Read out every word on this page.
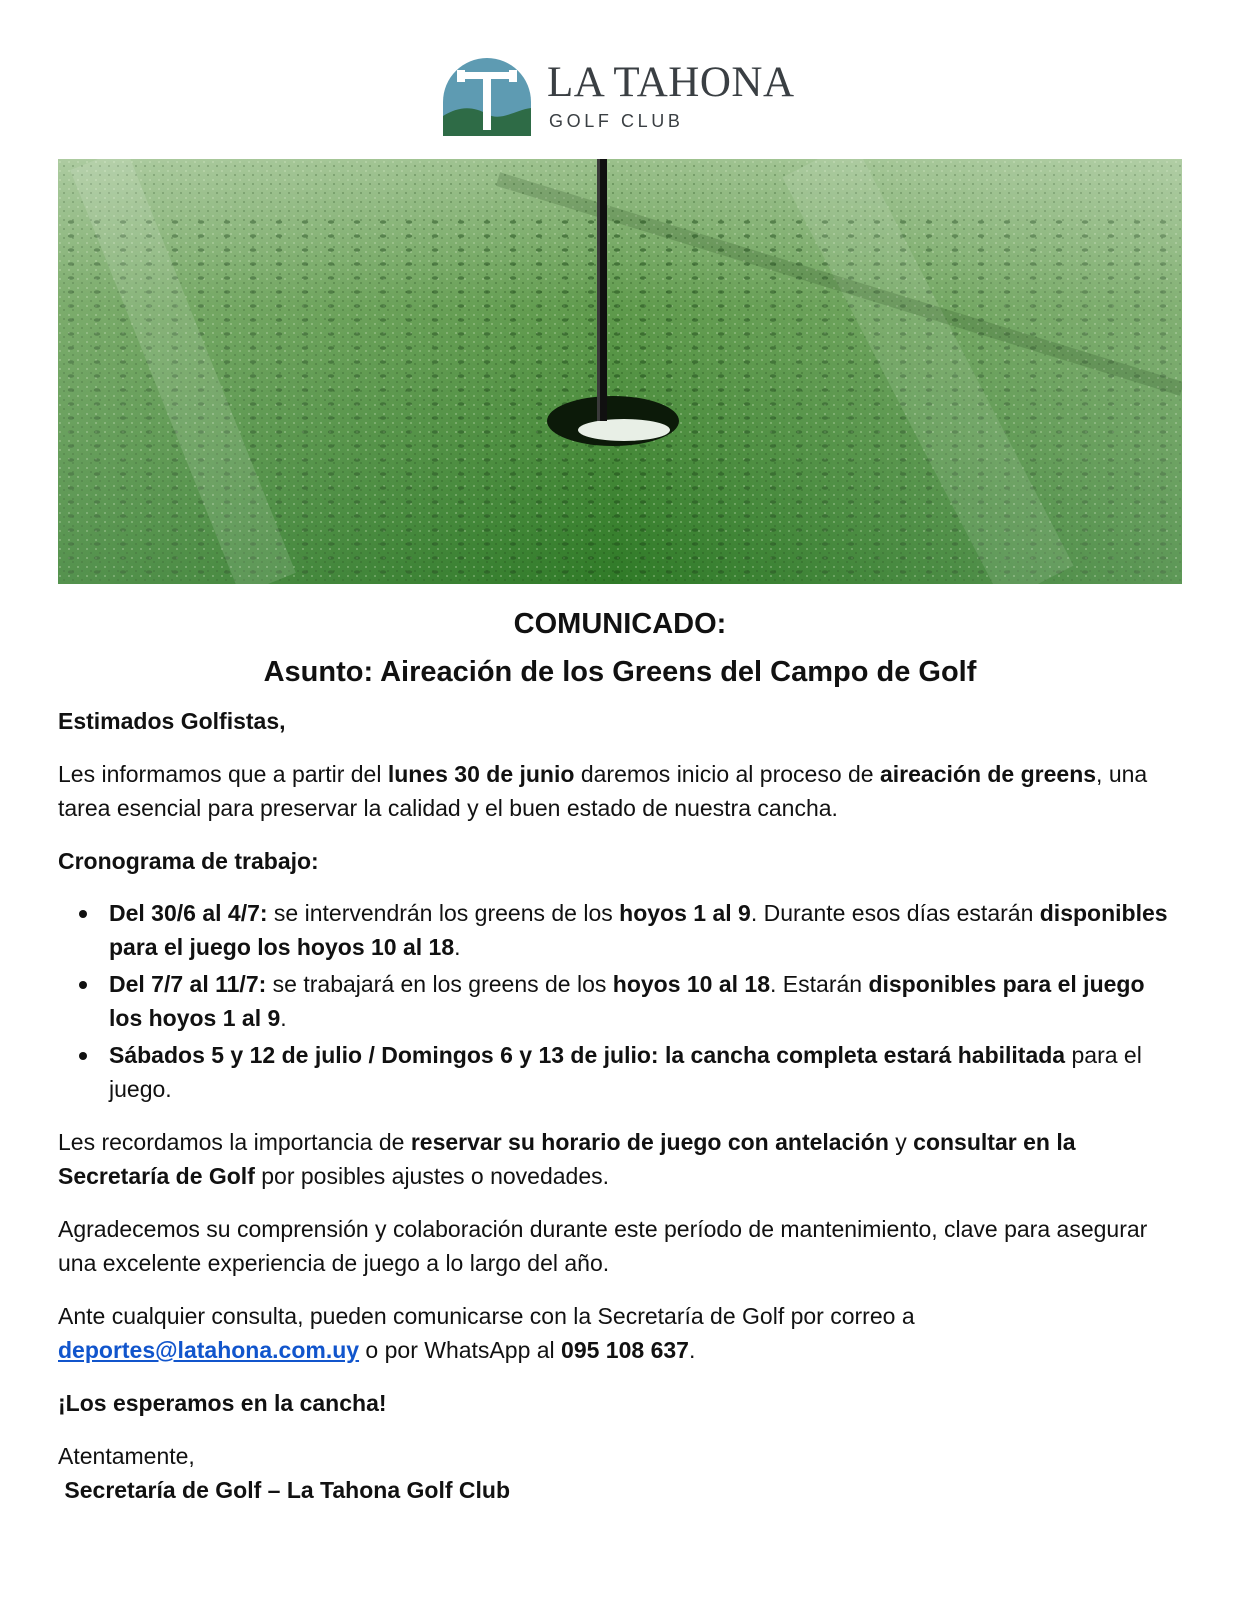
LA TAHONA
GOLF CLUB
COMUNICADO:
Asunto: Aireación de los Greens del Campo de Golf

Estimados Golfistas,

Les informamos que a partir del lunes 30 de junio daremos inicio al proceso de aireación de greens, una tarea esencial para preservar la calidad y el buen estado de nuestra cancha.

Cronograma de trabajo:

Del 30/6 al 4/7: se intervendrán los greens de los hoyos 1 al 9. Durante esos días estarán disponibles para el juego los hoyos 10 al 18.
Del 7/7 al 11/7: se trabajará en los greens de los hoyos 10 al 18. Estarán disponibles para el juego los hoyos 1 al 9.
Sábados 5 y 12 de julio / Domingos 6 y 13 de julio: la cancha completa estará habilitada para el juego.

Les recordamos la importancia de reservar su horario de juego con antelación y consultar en la Secretaría de Golf por posibles ajustes o novedades.

Agradecemos su comprensión y colaboración durante este período de mantenimiento, clave para asegurar una excelente experiencia de juego a lo largo del año.

Ante cualquier consulta, pueden comunicarse con la Secretaría de Golf por correo a deportes@latahona.com.uy o por WhatsApp al 095 108 637.

¡Los esperamos en la cancha!

Atentamente,
Secretaría de Golf – La Tahona Golf Club
